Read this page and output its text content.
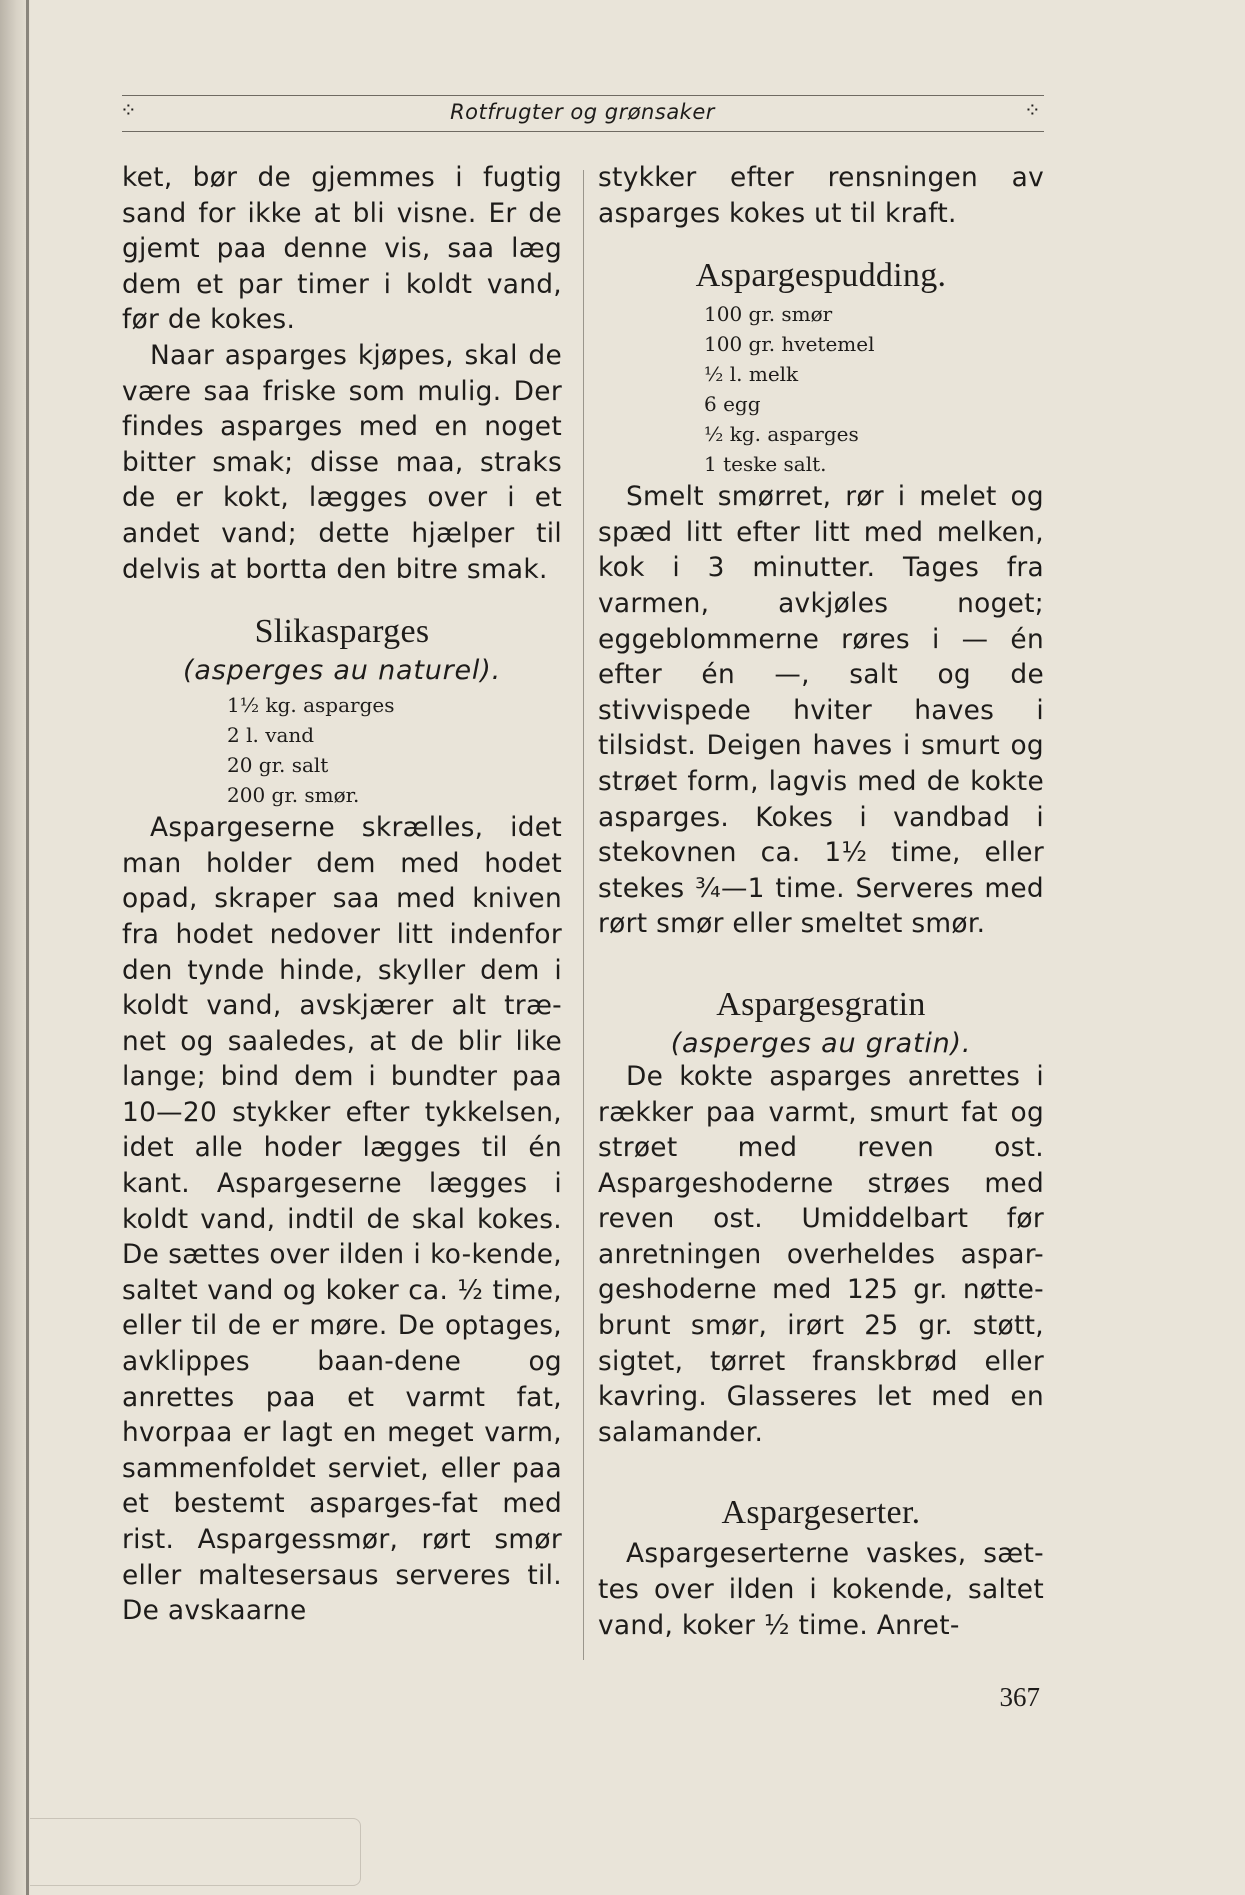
⁘	Rotfrugter og grønsaker	⁘

ket, bør de gjemmes i fugtig sand for ikke at bli visne. Er de gjemt paa denne vis, saa læg dem et par timer i koldt vand, før de kokes.

Naar asparges kjøpes, skal de være saa friske som mulig. Der findes asparges med en noget bitter smak; disse maa, straks de er kokt, lægges over i et andet vand; dette hjælper til delvis at bortta den bitre smak.

Slikasparges

(asperges au naturel).

1½ kg. asparges
2 l. vand
20 gr. salt
200 gr. smør.

Aspargeserne skrælles, idet man holder dem med hodet opad, skraper saa med kniven fra hodet nedover litt indenfor den tynde hinde, skyller dem i koldt vand, avskjærer alt træ-net og saaledes, at de blir like lange; bind dem i bundter paa 10—20 stykker efter tykkelsen, idet alle hoder lægges til én kant. Aspargeserne lægges i koldt vand, indtil de skal kokes. De sættes over ilden i ko-kende, saltet vand og koker ca. ½ time, eller til de er møre. De optages, avklippes baan-dene og anrettes paa et varmt fat, hvorpaa er lagt en meget varm, sammenfoldet serviet, eller paa et bestemt asparges-fat med rist. Aspargessmør, rørt smør eller maltesersaus serveres til. De avskaarne

stykker efter rensningen av asparges kokes ut til kraft.

Aspargespudding.
100 gr. smør
100 gr. hvetemel
½ l. melk
6 egg
½ kg. asparges
1 teske salt.

Smelt smørret, rør i melet og spæd litt efter litt med melken, kok i 3 minutter. Tages fra varmen, avkjøles noget; eggeblommerne røres i — én efter én —, salt og de stivvispede hviter haves i tilsidst. Deigen haves i smurt og strøet form, lagvis med de kokte asparges. Kokes i vandbad i stekovnen ca. 1½ time, eller stekes ¾—1 time. Serveres med rørt smør eller smeltet smør.

Aspargesgratin

(asperges au gratin).

De kokte asparges anrettes i rækker paa varmt, smurt fat og strøet med reven ost. Aspargeshoderne strøes med reven ost. Umiddelbart før anretningen overheldes aspar-geshoderne med 125 gr. nøtte-brunt smør, irørt 25 gr. støtt, sigtet, tørret franskbrød eller kavring. Glasseres let med en salamander.

Aspargeserter.

Aspargeserterne vaskes, sæt-tes over ilden i kokende, saltet vand, koker ½ time. Anret-

367
